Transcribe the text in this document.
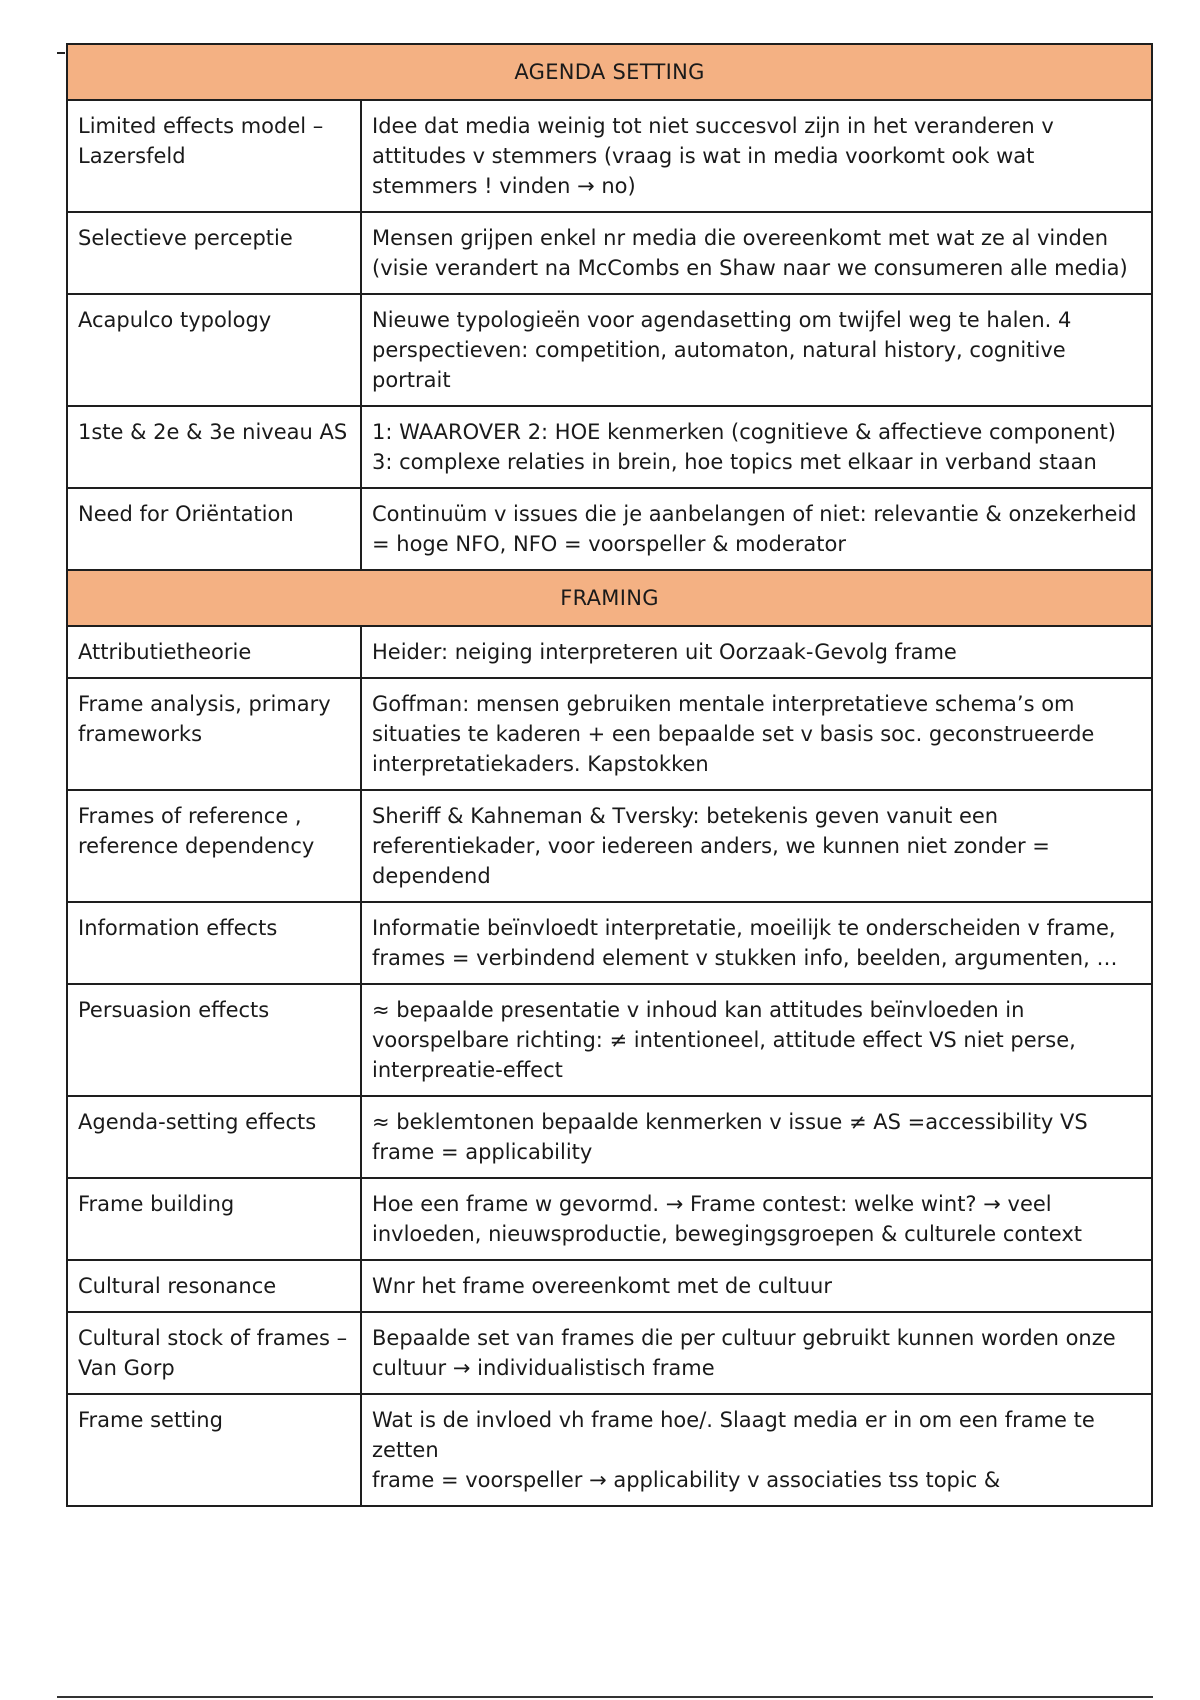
AGENDA SETTING	
Limited effects model – Lazersfeld	Idee dat media weinig tot niet succesvol zijn in het veranderen v attitudes v stemmers (vraag is wat in media voorkomt ook wat stemmers ! vinden → no)
Selectieve perceptie	Mensen grijpen enkel nr media die overeenkomt met wat ze al vinden (visie verandert na McCombs en Shaw naar we consumeren alle media)
Acapulco typology	Nieuwe typologieën voor agendasetting om twijfel weg te halen. 4 perspectieven: competition, automaton, natural history, cognitive portrait
1ste & 2e & 3e niveau AS	1: WAAROVER 2: HOE kenmerken (cognitieve & affectieve component) 3: complexe relaties in brein, hoe topics met elkaar in verband staan
Need for Oriëntation	Continuüm v issues die je aanbelangen of niet: relevantie & onzekerheid = hoge NFO, NFO = voorspeller & moderator
FRAMING	
Attributietheorie	Heider: neiging interpreteren uit Oorzaak-Gevolg frame
Frame analysis, primary frameworks	Goffman: mensen gebruiken mentale interpretatieve schema’s om situaties te kaderen + een bepaalde set v basis soc. geconstrueerde interpretatiekaders. Kapstokken
Frames of reference , reference dependency	Sheriff & Kahneman & Tversky: betekenis geven vanuit een referentiekader, voor iedereen anders, we kunnen niet zonder = dependend
Information effects	Informatie beïnvloedt interpretatie, moeilijk te onderscheiden v frame, frames = verbindend element v stukken info, beelden, argumenten, …
Persuasion effects	≈ bepaalde presentatie v inhoud kan attitudes beïnvloeden in voorspelbare richting: ≠ intentioneel, attitude effect VS niet perse, interpreatie-effect
Agenda-setting effects	≈ beklemtonen bepaalde kenmerken v issue ≠ AS =accessibility VS frame = applicability
Frame building	Hoe een frame w gevormd. → Frame contest: welke wint? → veel invloeden, nieuwsproductie, bewegingsgroepen & culturele context
Cultural resonance	Wnr het frame overeenkomt met de cultuur
Cultural stock of frames – Van Gorp	Bepaalde set van frames die per cultuur gebruikt kunnen worden onze cultuur → individualistisch frame
Frame setting	Wat is de invloed vh frame hoe/. Slaagt media er in om een frame te zetten
frame = voorspeller → applicability v associaties tss topic &
